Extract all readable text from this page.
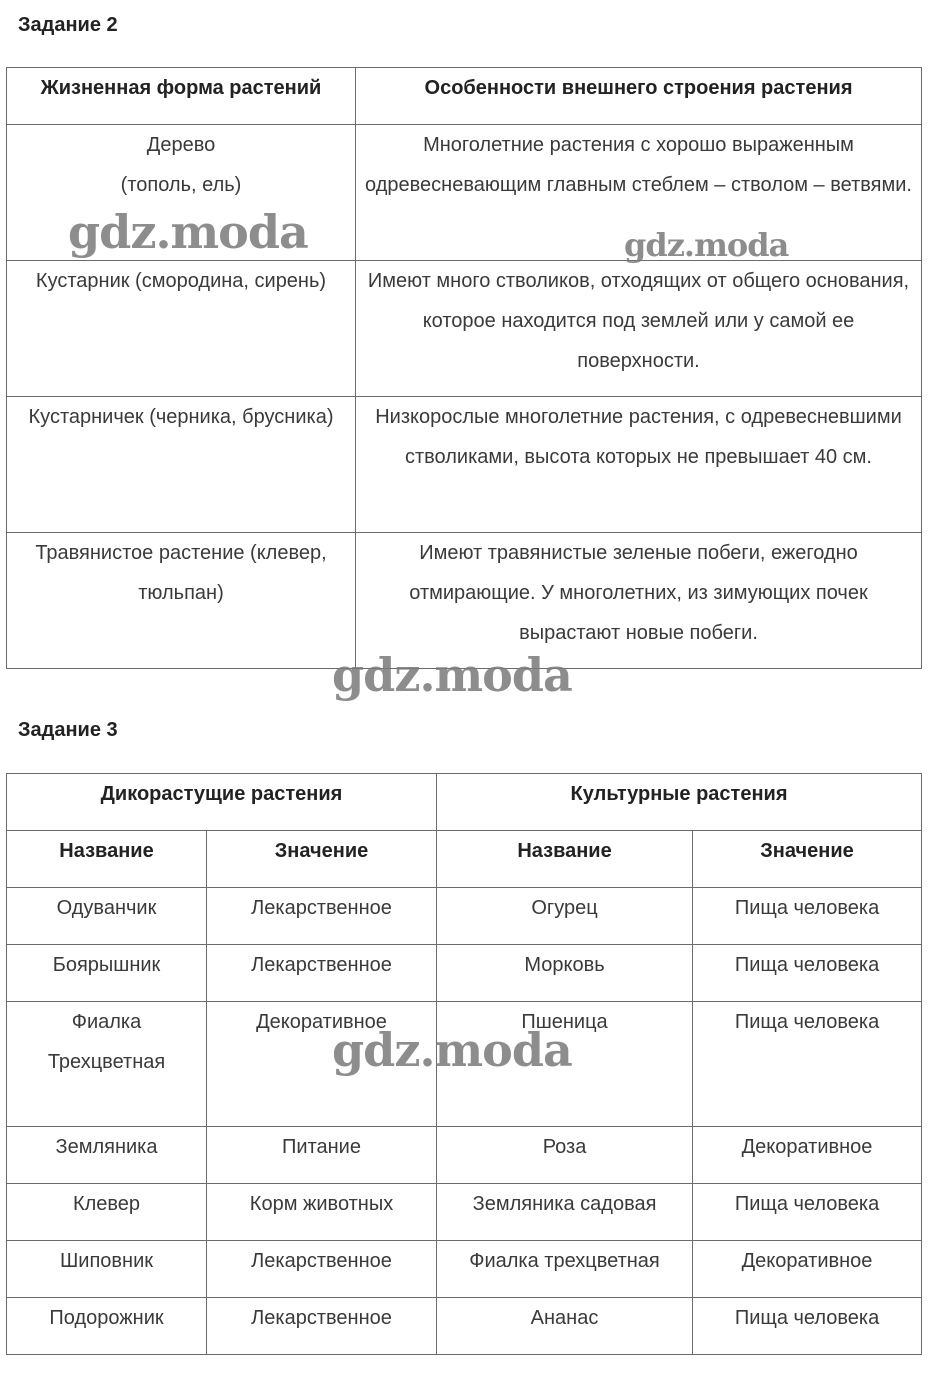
Задание 2
Жизненная форма растений	Особенности внешнего строения растения
Дерево
(тополь, ель)	Многолетние растения с хорошо выраженным одревесневающим главным стеблем – стволом – ветвями.
Кустарник (смородина, сирень)	Имеют много стволиков, отходящих от общего основания, которое находится под землей или у самой ее поверхности.
Кустарничек (черника, брусника)	Низкорослые многолетние растения, с одревесневшими стволиками, высота которых не превышает 40 см.
Травянистое растение (клевер, тюльпан)	Имеют травянистые зеленые побеги, ежегодно отмирающие. У многолетних, из зимующих почек вырастают новые побеги.
Задание 3
Дикорастущие растения		Культурные растения	
Название	Значение	Название	Значение
Одуванчик	Лекарственное	Огурец	Пища человека
Боярышник	Лекарственное	Морковь	Пища человека
Фиалка
Трехцветная	Декоративное	Пшеница	Пища человека
Земляника	Питание	Роза	Декоративное
Клевер	Корм животных	Земляника садовая	Пища человека
Шиповник	Лекарственное	Фиалка трехцветная	Декоративное
Подорожник	Лекарственное	Ананас	Пища человека
gdz.moda	gdz.moda
gdz.moda
gdz.moda
